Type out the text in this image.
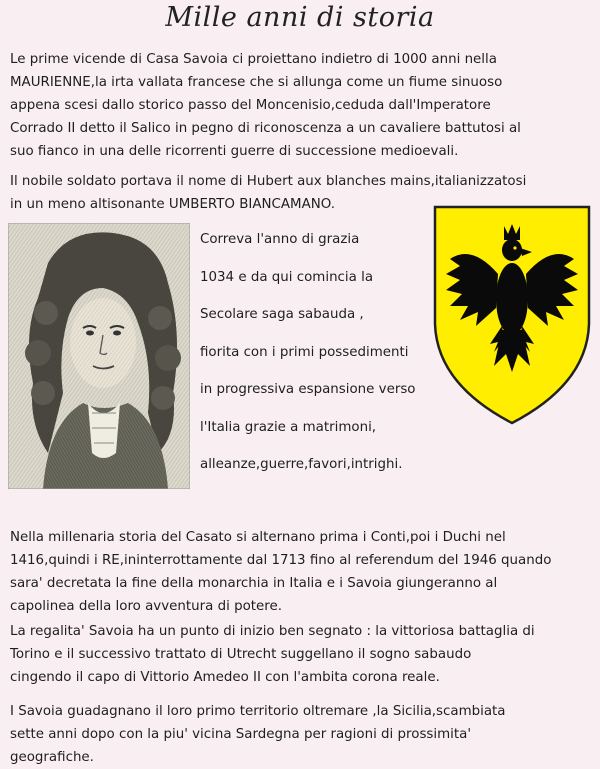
Mille anni di storia

Le prime vicende di Casa Savoia ci proiettano indietro di 1000 anni nella
MAURIENNE,la irta vallata francese che si allunga come un fiume sinuoso
appena scesi dallo storico passo del Moncenisio,ceduda dall'Imperatore
Corrado II detto il Salico in pegno di riconoscenza a un cavaliere battutosi al
suo fianco in una delle ricorrenti guerre di successione medioevali.

Il nobile soldato portava il nome di Hubert aux blanches mains,italianizzatosi
in un meno altisonante UMBERTO BIANCAMANO.

Correva l'anno di grazia
1034 e da qui comincia la
Secolare saga sabauda ,
fiorita con i primi possedimenti
in progressiva espansione verso
l'Italia grazie a matrimoni,
alleanze,guerre,favori,intrighi.

Nella millenaria storia del Casato si alternano prima i Conti,poi i Duchi nel
1416,quindi i RE,ininterrottamente dal 1713 fino al referendum del 1946 quando
sara' decretata la fine della monarchia in Italia e i Savoia giungeranno al
capolinea della loro avventura di potere.

La regalita' Savoia ha un punto di inizio ben segnato : la vittoriosa battaglia di
Torino e il successivo trattato di Utrecht suggellano il sogno sabaudo
cingendo il capo di Vittorio Amedeo II con l'ambita corona reale.

I Savoia guadagnano il loro primo territorio oltremare ,la Sicilia,scambiata
sette anni dopo con la piu' vicina Sardegna per ragioni di prossimita'
geografiche.
